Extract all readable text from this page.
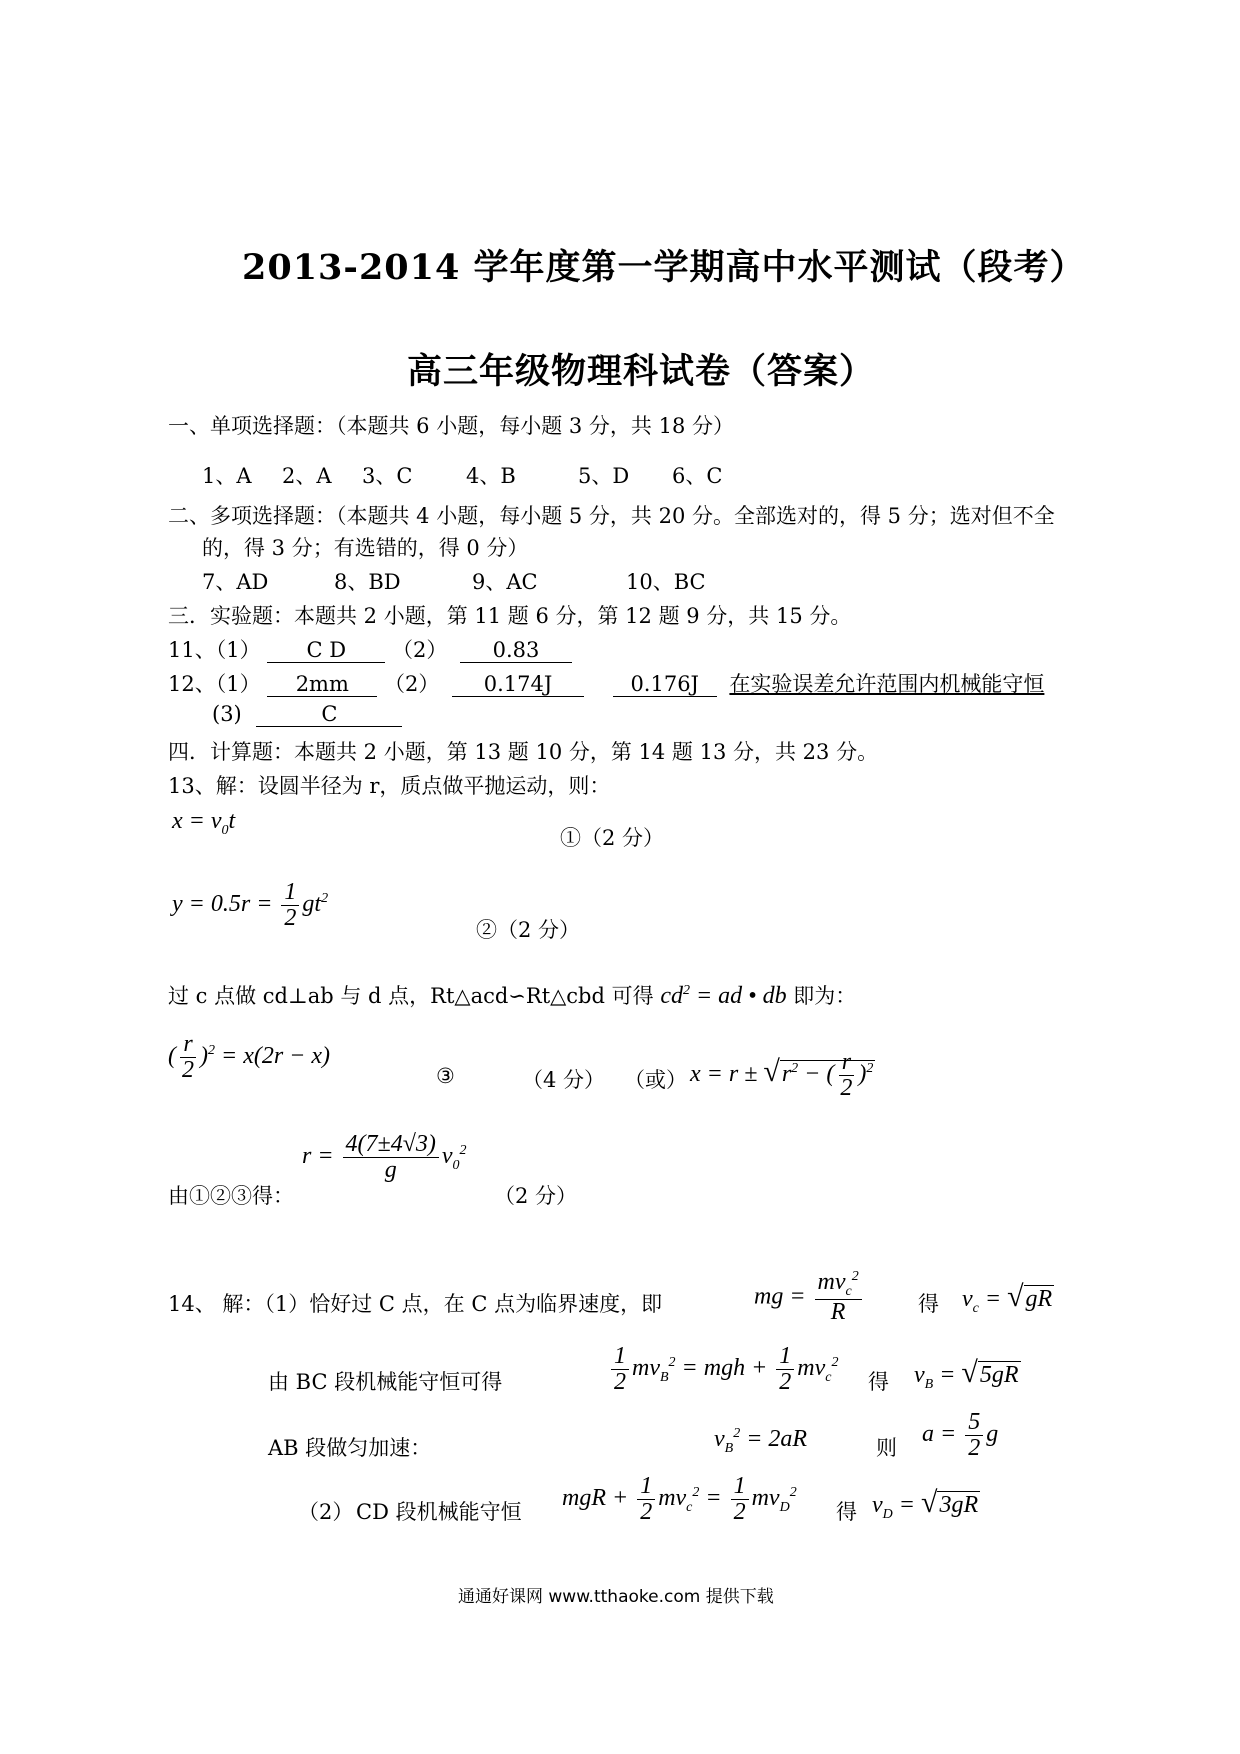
2013-2014 学年度第一学期高中水平测试（段考）
高三年级物理科试卷（答案）
一、单项选择题：（本题共 6 小题，每小题 3 分，共 18 分）
1、A 2、A 3、C	4、B	5、D 6、C
二、多项选择题：（本题共 4 小题，每小题 5 分，共 20 分。全部选对的，得 5 分；选对但不全
的，得 3 分；有选错的，得 0 分）
7、AD	8、BD	9、AC	10、BC
三．实验题：本题共 2 小题，第 11 题 6 分，第 12 题 9 分，共 15 分。
11、（1） C D （2） 0.83
12、（1） 2mm （2） 0.174J	0.176J 在实验误差允许范围内机械能守恒
(3)	C
四．计算题：本题共 2 小题，第 13 题 10 分，第 14 题 13 分，共 23 分。
13、解：设圆半径为 r，质点做平抛运动，则：
$x = v_0t$
①（2 分）
$y = 0.5r = \frac{1}{2} gt^2$
②（2 分）
过 c 点做 cd⊥ab 与 d 点，Rt△acd∽Rt△cbd 可得 $cd^2$ = ad • db 即为：
( $\frac{r}{2} )^2 = x(2r - x)$
③	（4 分） （或） $x = r \pm √r^2$ − ( $\frac{r}{2} )^2$
由①②③得：
$r = \frac{4(7\pm 4√3)}{g} v_0^2$
（2 分）
14、 解：（1）恰好过 C 点，在 C 点为临界速度，即	mg = $\frac{mv_c^2}{R}$	得 $v_c = √gR$
由 BC 段机械能守恒可得	$\frac{1}{2} mv_B^2$ = mgh + $\frac{1}{2} mv_c^2$
得 $v_B = √5gR$
AB 段做匀加速：	$v_B^2 = 2aR$	则
$a = \frac{5}{2}$ g
（2） CD 段机械能守恒
mgR + $\frac{1}{2} mv_c^2 = \frac{1}{2} mv_D^2$
得 $v_D = √3gR$
通通好课网 www.tthaoke.com 提供下载
